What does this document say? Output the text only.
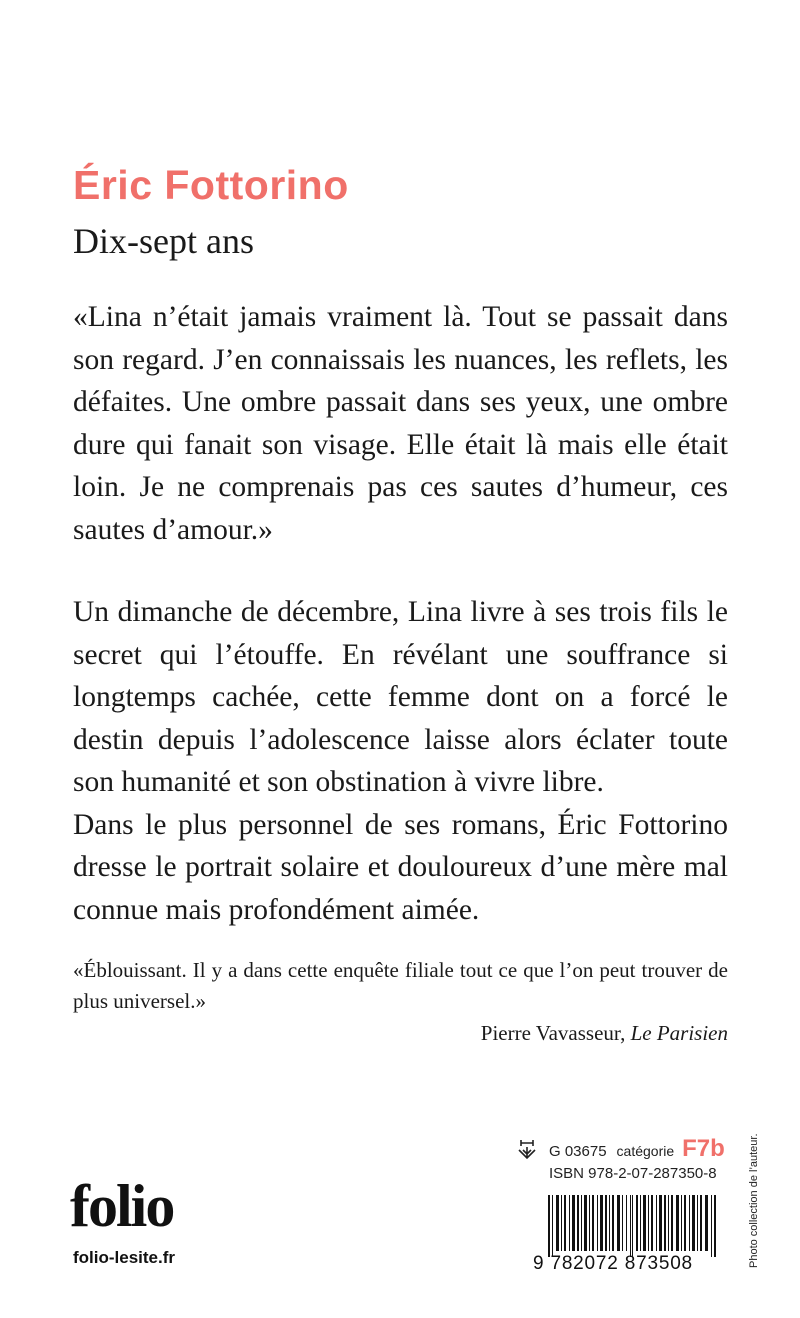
Éric Fottorino
Dix-sept ans

«Lina n’était jamais vraiment là. Tout se passait dans son regard. J’en connaissais les nuances, les reflets, les défaites. Une ombre passait dans ses yeux, une ombre dure qui fanait son visage. Elle était là mais elle était loin. Je ne comprenais pas ces sautes d’humeur, ces sautes d’amour.»

Un dimanche de décembre, Lina livre à ses trois fils le secret qui l’étouffe. En révélant une souffrance si longtemps cachée, cette femme dont on a forcé le destin depuis l’adolescence laisse alors éclater toute son humanité et son obstination à vivre libre.

Dans le plus personnel de ses romans, Éric Fottorino dresse le portrait solaire et douloureux d’une mère mal connue mais profondément aimée.

«Éblouissant. Il y a dans cette enquête filiale tout ce que l’on peut trouver de plus universel.»
Pierre Vavasseur, Le Parisien
G 03675 catégorie F7b
ISBN 978-2-07-287350-8
9 782072 873508
folio
folio-lesite.fr	Photo collection de l’auteur.
